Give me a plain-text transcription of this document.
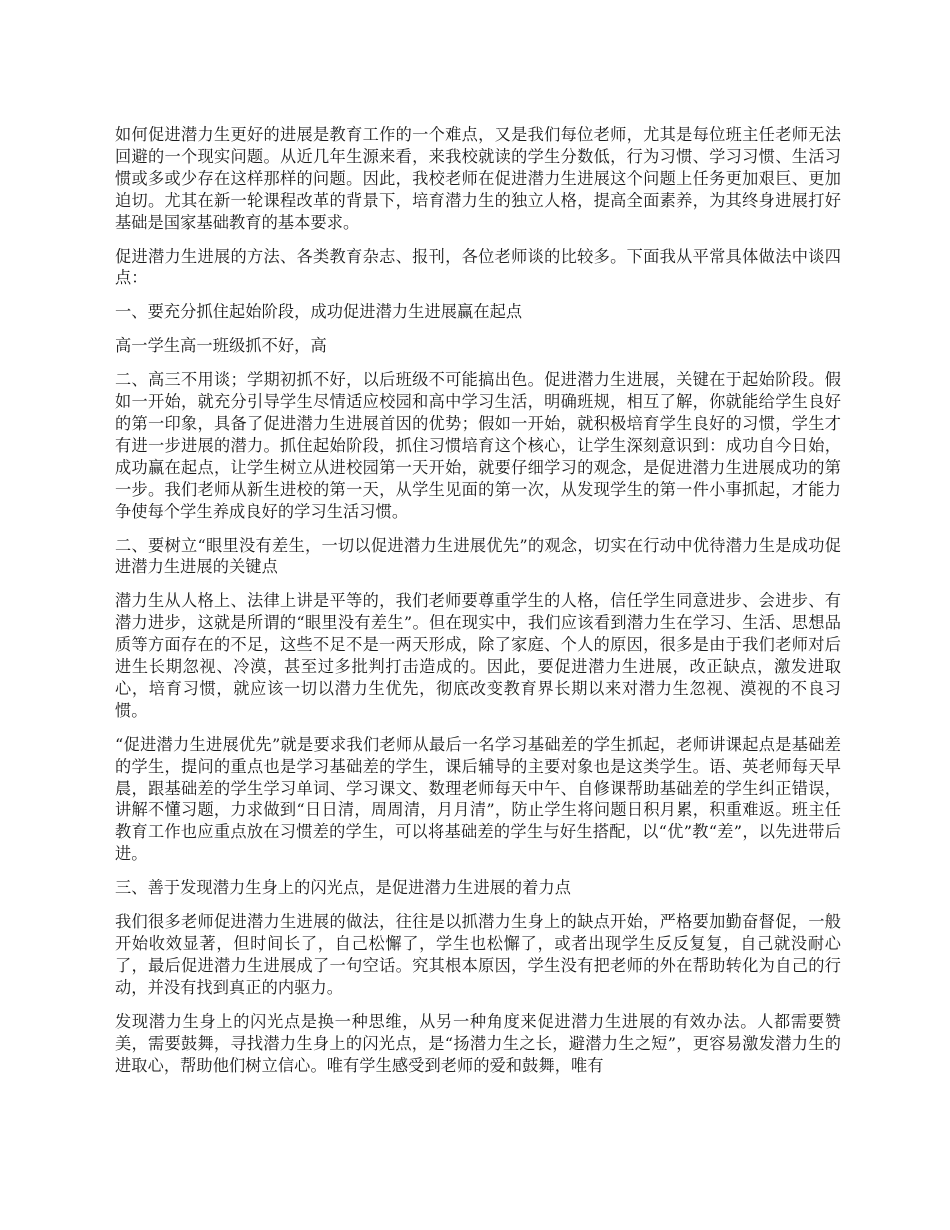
如何促进潜力生更好的进展是教育工作的一个难点，又是我们每位老师，尤其是每位班主任老师无法回避的一个现实问题。从近几年生源来看，来我校就读的学生分数低，行为习惯、学习习惯、生活习惯或多或少存在这样那样的问题。因此，我校老师在促进潜力生进展这个问题上任务更加艰巨、更加迫切。尤其在新一轮课程改革的背景下，培育潜力生的独立人格，提高全面素养，为其终身进展打好基础是国家基础教育的基本要求。

促进潜力生进展的方法、各类教育杂志、报刊，各位老师谈的比较多。下面我从平常具体做法中谈四点：

一、要充分抓住起始阶段，成功促进潜力生进展赢在起点

高一学生高一班级抓不好，高

二、高三不用谈；学期初抓不好，以后班级不可能搞出色。促进潜力生进展，关键在于起始阶段。假如一开始，就充分引导学生尽情适应校园和高中学习生活，明确班规，相互了解，你就能给学生良好的第一印象，具备了促进潜力生进展首因的优势；假如一开始，就积极培育学生良好的习惯，学生才有进一步进展的潜力。抓住起始阶段，抓住习惯培育这个核心，让学生深刻意识到：成功自今日始，成功赢在起点，让学生树立从进校园第一天开始，就要仔细学习的观念，是促进潜力生进展成功的第一步。我们老师从新生进校的第一天，从学生见面的第一次，从发现学生的第一件小事抓起，才能力争使每个学生养成良好的学习生活习惯。

二、要树立“眼里没有差生，一切以促进潜力生进展优先”的观念，切实在行动中优待潜力生是成功促进潜力生进展的关键点

潜力生从人格上、法律上讲是平等的，我们老师要尊重学生的人格，信任学生同意进步、会进步、有潜力进步，这就是所谓的“眼里没有差生”。但在现实中，我们应该看到潜力生在学习、生活、思想品质等方面存在的不足，这些不足不是一两天形成，除了家庭、个人的原因，很多是由于我们老师对后进生长期忽视、冷漠，甚至过多批判打击造成的。因此，要促进潜力生进展，改正缺点，激发进取心，培育习惯，就应该一切以潜力生优先，彻底改变教育界长期以来对潜力生忽视、漠视的不良习惯。

“促进潜力生进展优先”就是要求我们老师从最后一名学习基础差的学生抓起，老师讲课起点是基础差的学生，提问的重点也是学习基础差的学生，课后辅导的主要对象也是这类学生。语、英老师每天早晨，跟基础差的学生学习单词、学习课文、数理老师每天中午、自修课帮助基础差的学生纠正错误，讲解不懂习题，力求做到“日日清，周周清，月月清”，防止学生将问题日积月累，积重难返。班主任教育工作也应重点放在习惯差的学生，可以将基础差的学生与好生搭配，以“优”教“差”，以先进带后进。

三、善于发现潜力生身上的闪光点，是促进潜力生进展的着力点

我们很多老师促进潜力生进展的做法，往往是以抓潜力生身上的缺点开始，严格要加勤奋督促，一般开始收效显著，但时间长了，自己松懈了，学生也松懈了，或者出现学生反反复复，自己就没耐心了，最后促进潜力生进展成了一句空话。究其根本原因，学生没有把老师的外在帮助转化为自己的行动，并没有找到真正的内驱力。

发现潜力生身上的闪光点是换一种思维，从另一种角度来促进潜力生进展的有效办法。人都需要赞美，需要鼓舞，寻找潜力生身上的闪光点，是“扬潜力生之长，避潜力生之短”，更容易激发潜力生的进取心，帮助他们树立信心。唯有学生感受到老师的爱和鼓舞，唯有
